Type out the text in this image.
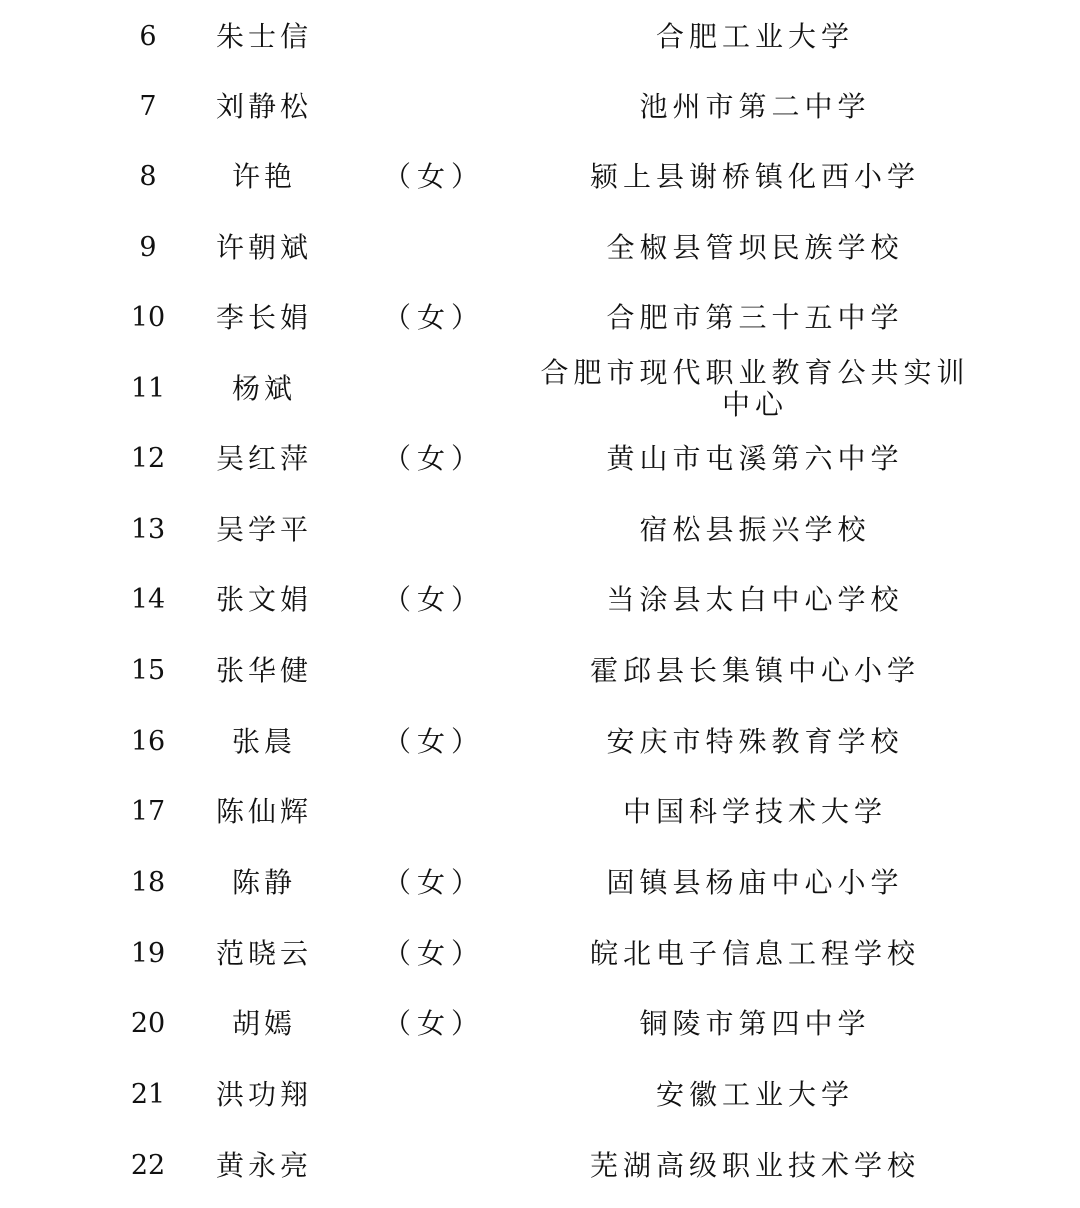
6	朱士信	合肥工业大学
7	刘静松	池州市第二中学
8	许艳	（女）	颍上县谢桥镇化西小学
9	许朝斌	全椒县管坝民族学校
10	李长娟	（女）	合肥市第三十五中学
11	杨斌	合肥市现代职业教育公共实训中心
12	吴红萍	（女）	黄山市屯溪第六中学
13	吴学平	宿松县振兴学校
14	张文娟	（女）	当涂县太白中心学校
15	张华健	霍邱县长集镇中心小学
16	张晨	（女）	安庆市特殊教育学校
17	陈仙辉	中国科学技术大学
18	陈静	（女）	固镇县杨庙中心小学
19	范晓云	（女）	皖北电子信息工程学校
20	胡嫣	（女）	铜陵市第四中学
21	洪功翔	安徽工业大学
22	黄永亮	芜湖高级职业技术学校
